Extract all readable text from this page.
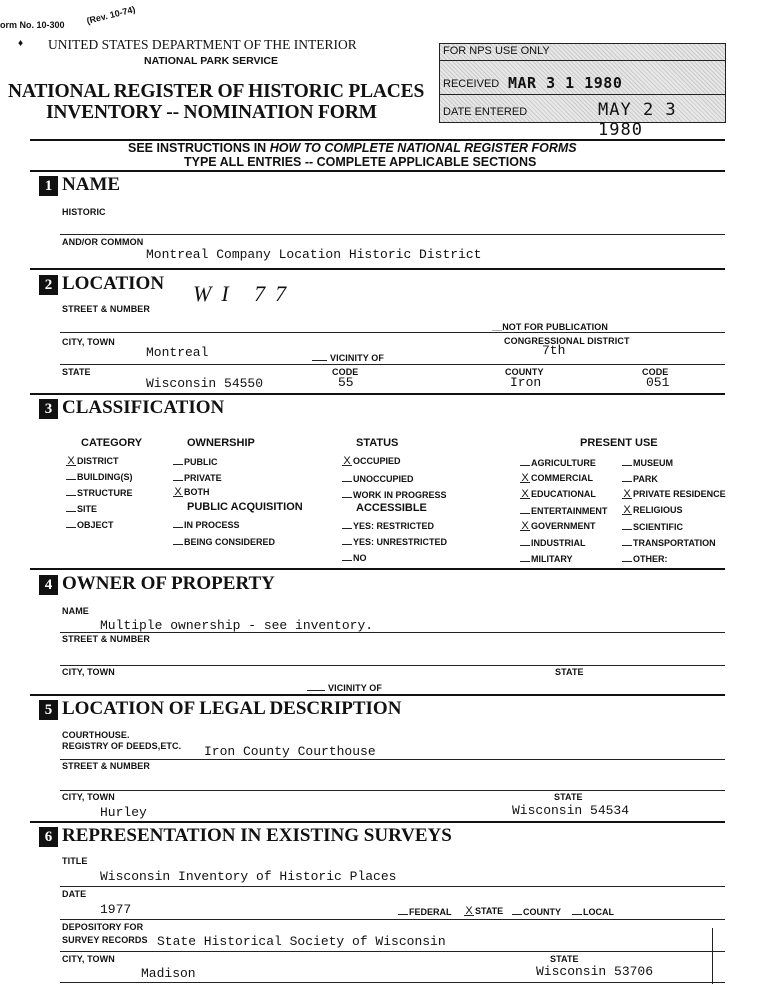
orm No. 10-300 (Rev. 10-74)
♦ UNITED STATES DEPARTMENT OF THE INTERIOR
NATIONAL PARK SERVICE
NATIONAL REGISTER OF HISTORIC PLACES
INVENTORY -- NOMINATION FORM
FOR NPS USE ONLY
RECEIVED MAR 3 1 1980
DATE ENTERED	MAY 2 3 1980
SEE INSTRUCTIONS IN HOW TO COMPLETE NATIONAL REGISTER FORMS
TYPE ALL ENTRIES -- COMPLETE APPLICABLE SECTIONS
1 NAME
HISTORIC
AND/OR COMMON
Montreal Company Location Historic District
2 LOCATION
STREET & NUMBER
WI 77
__NOT FOR PUBLICATION
CITY, TOWN
Montreal	VICINITY OF
CONGRESSIONAL DISTRICT
7th
STATE
Wisconsin 54550
CODE
55
COUNTY
Iron
CODE
051
3 CLASSIFICATION
CATEGORY	OWNERSHIP	STATUS	PRESENT USE
PUBLIC ACQUISITION	ACCESSIBLE
X DISTRICT
BUILDING(S)
STRUCTURE
SITE
OBJECT
PUBLIC
PRIVATE
X BOTH
IN PROCESS
BEING CONSIDERED
X OCCUPIED
UNOCCUPIED
WORK IN PROGRESS
YES: RESTRICTED
YES: UNRESTRICTED
NO
AGRICULTURE
X COMMERCIAL
X EDUCATIONAL
ENTERTAINMENT
X GOVERNMENT
INDUSTRIAL
MILITARY
MUSEUM
PARK
X PRIVATE RESIDENCE
X RELIGIOUS
SCIENTIFIC
TRANSPORTATION
OTHER:
4 OWNER OF PROPERTY
NAME
Multiple ownership - see inventory.
STREET & NUMBER
CITY, TOWN
VICINITY OF
STATE
5 LOCATION OF LEGAL DESCRIPTION
COURTHOUSE.
REGISTRY OF DEEDS,ETC. Iron County Courthouse
STREET & NUMBER
CITY, TOWN
Hurley
STATE
Wisconsin 54534
6 REPRESENTATION IN EXISTING SURVEYS
TITLE
Wisconsin Inventory of Historic Places
DATE
1977	FEDERAL X STATE	COUNTY	LOCAL
DEPOSITORY FOR
SURVEY RECORDS State Historical Society of Wisconsin
CITY, TOWN
Madison
STATE
Wisconsin 53706
